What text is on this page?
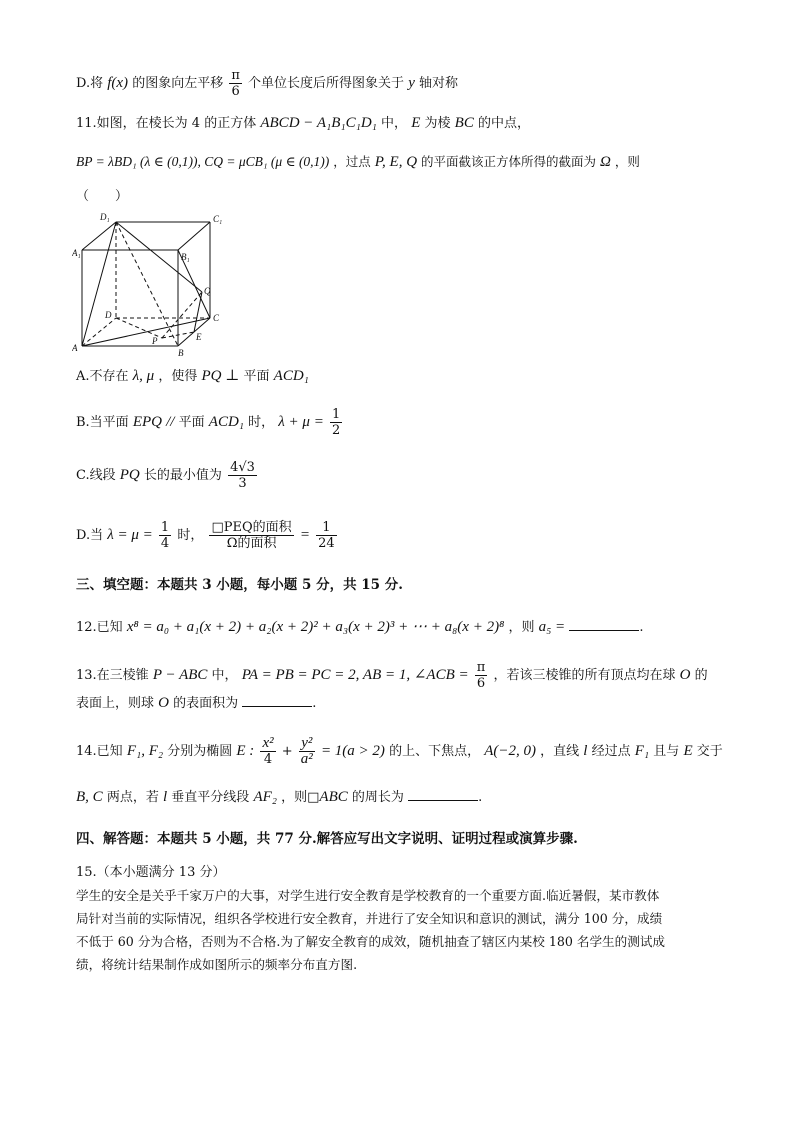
D.将 f(x) 的图象向左平移 $\frac{\pi}{6}$ 个单位长度后所得图象关于 y 轴对称
11.如图，在棱长为 4 的正方体 ABCD − A₁B₁C₁D₁ 中， E 为棱 BC 的中点，
BP = λBD₁ (λ ∈ (0,1)), CQ = μCB₁ (μ ∈ (0,1)) ，过点 P, E, Q 的平面截该正方体所得的截面为 Ω ，则
（　　）
D₁	C₁
A₁	B₁
Q
D	C
A
P	E
B
A.不存在 λ, μ ，使得 PQ ⊥ 平面 ACD₁
B.当平面 EPQ // 平面 ACD₁ 时， $\lambda + \mu = \frac{1}{2}$
C.线段 PQ 长的最小值为 $\frac{4√3}{3}$
D.当 $\lambda = \mu = \frac{1}{4}$ 时， $\frac{\text{□PEQ的面积}}{\text{Ω的面积}} = \frac{1}{24}$
三、填空题：本题共 3 小题，每小题 5 分，共 15 分.
12.已知 x⁸ = a₀ + a₁(x + 2) + a₂(x + 2)² + a₃(x + 2)³ + ⋯ + a₈(x + 2)⁸ ，则 a₅ =	.
13.在三棱锥 P − ABC 中， PA = PB = PC = 2, AB = 1, ∠ACB = $\frac{\pi}{6}$ ，若该三棱锥的所有顶点均在球 O 的
表面上，则球 O 的表面积为	.
14.已知 F₁, F₂ 分别为椭圆 E : $\frac{\text{x²}}{4} + \frac{\text{y²}}{\text{a²}} = 1(a > 2)$ 的上、下焦点， A(−2, 0) ，直线 l 经过点 F₁ 且与 E 交于
B, C 两点，若 l 垂直平分线段 AF₂ ，则□ABC 的周长为	.
四、解答题：本题共 5 小题，共 77 分.解答应写出文字说明、证明过程或演算步骤.
15.（本小题满分 13 分）
学生的安全是关乎千家万户的大事，对学生进行安全教育是学校教育的一个重要方面.临近暑假，某市教体
局针对当前的实际情况，组织各学校进行安全教育，并进行了安全知识和意识的测试，满分 100 分，成绩
不低于 60 分为合格，否则为不合格.为了解安全教育的成效，随机抽查了辖区内某校 180 名学生的测试成
绩，将统计结果制作成如图所示的频率分布直方图.
